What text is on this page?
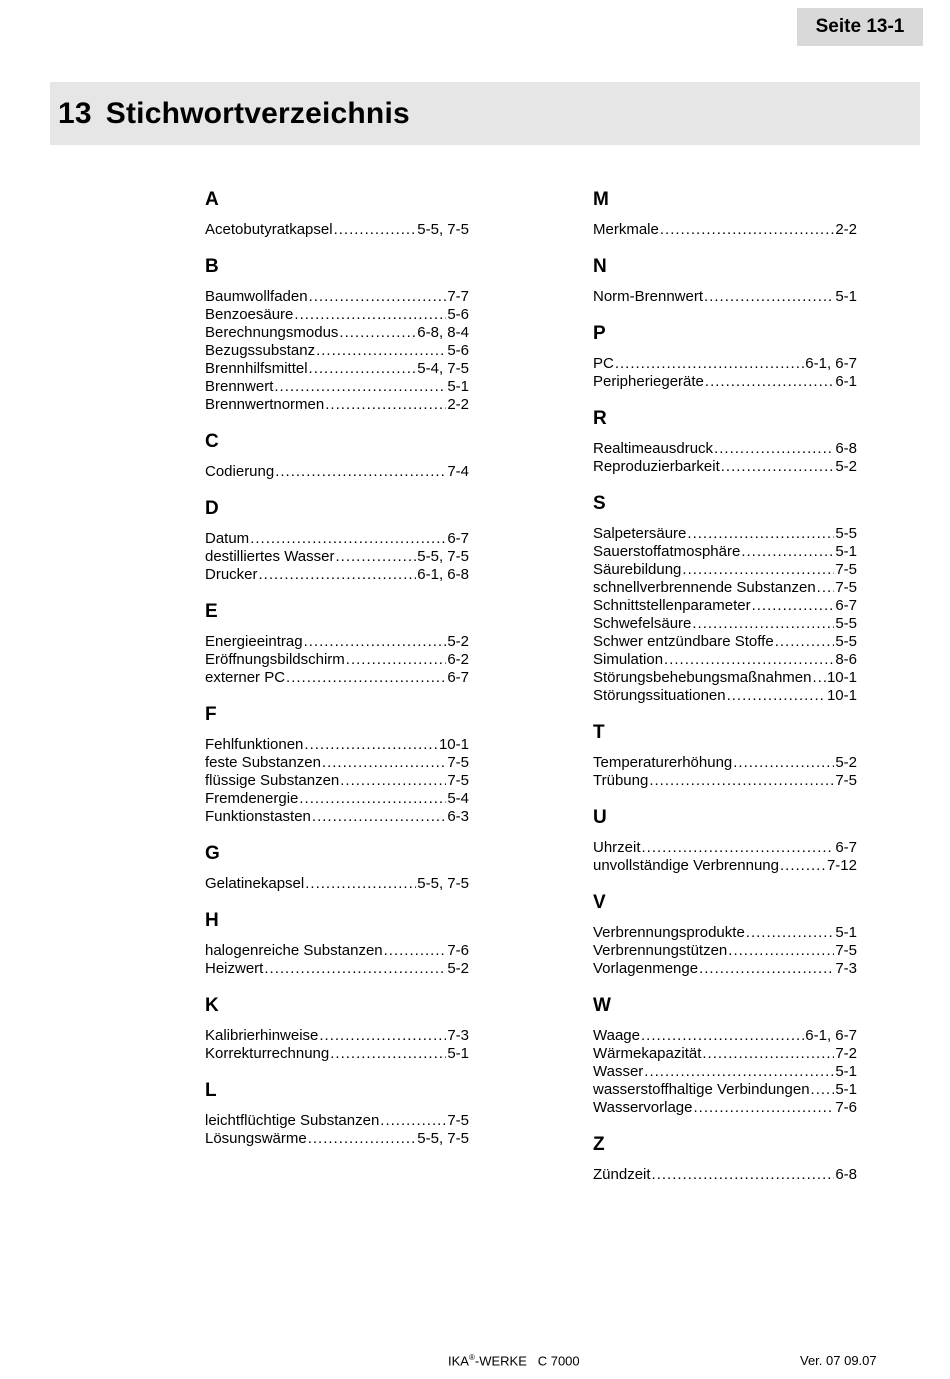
Seite 13-1
13 Stichwortverzeichnis
A
Acetobutyratkapsel .....	5-5, 7-5
B
Baumwollfaden .....	7-7
Benzoesäure .....	5-6
Berechnungsmodus .....	6-8, 8-4
Bezugssubstanz .....	5-6
Brennhilfsmittel .....	5-4, 7-5
Brennwert .....	5-1
Brennwertnormen .....	2-2
C
Codierung .....	7-4
D
Datum .....	6-7
destilliertes Wasser .....	5-5, 7-5
Drucker .....	6-1, 6-8
E
Energieeintrag .....	5-2
Eröffnungsbildschirm .....	6-2
externer PC .....	6-7
F
Fehlfunktionen .....	10-1
feste Substanzen .....	7-5
flüssige Substanzen .....	7-5
Fremdenergie .....	5-4
Funktionstasten .....	6-3
G
Gelatinekapsel .....	5-5, 7-5
H
halogenreiche Substanzen .....	7-6
Heizwert .....	5-2
K
Kalibrierhinweise .....	7-3
Korrekturrechnung .....	5-1
L
leichtflüchtige Substanzen .....	7-5
Lösungswärme .....	5-5, 7-5
M
Merkmale .....	2-2
N
Norm-Brennwert .....	5-1
P
PC .....	6-1, 6-7
Peripheriegeräte .....	6-1
R
Realtimeausdruck .....	6-8
Reproduzierbarkeit .....	5-2
S
Salpetersäure .....	5-5
Sauerstoffatmosphäre .....	5-1
Säurebildung .....	7-5
schnellverbrennende Substanzen ..... 7-5
Schnittstellenparameter .....	6-7
Schwefelsäure .....	5-5
Schwer entzündbare Stoffe .....	5-5
Simulation .....	8-6
Störungsbehebungsmaßnahmen ..... 10-1
Störungssituationen .....	10-1
T
Temperaturerhöhung .....	5-2
Trübung .....	7-5
U
Uhrzeit .....	6-7
unvollständige Verbrennung .....	7-12
V
Verbrennungsprodukte .....	5-1
Verbrennungstützen .....	7-5
Vorlagenmenge .....	7-3
W
Waage .....	6-1, 6-7
Wärmekapazität .....	7-2
Wasser .....	5-1
wasserstoffhaltige Verbindungen ..... 5-1
Wasservorlage .....	7-6
Z
Zündzeit .....	6-8
IKA®-WERKE C 7000	Ver. 07 09.07
